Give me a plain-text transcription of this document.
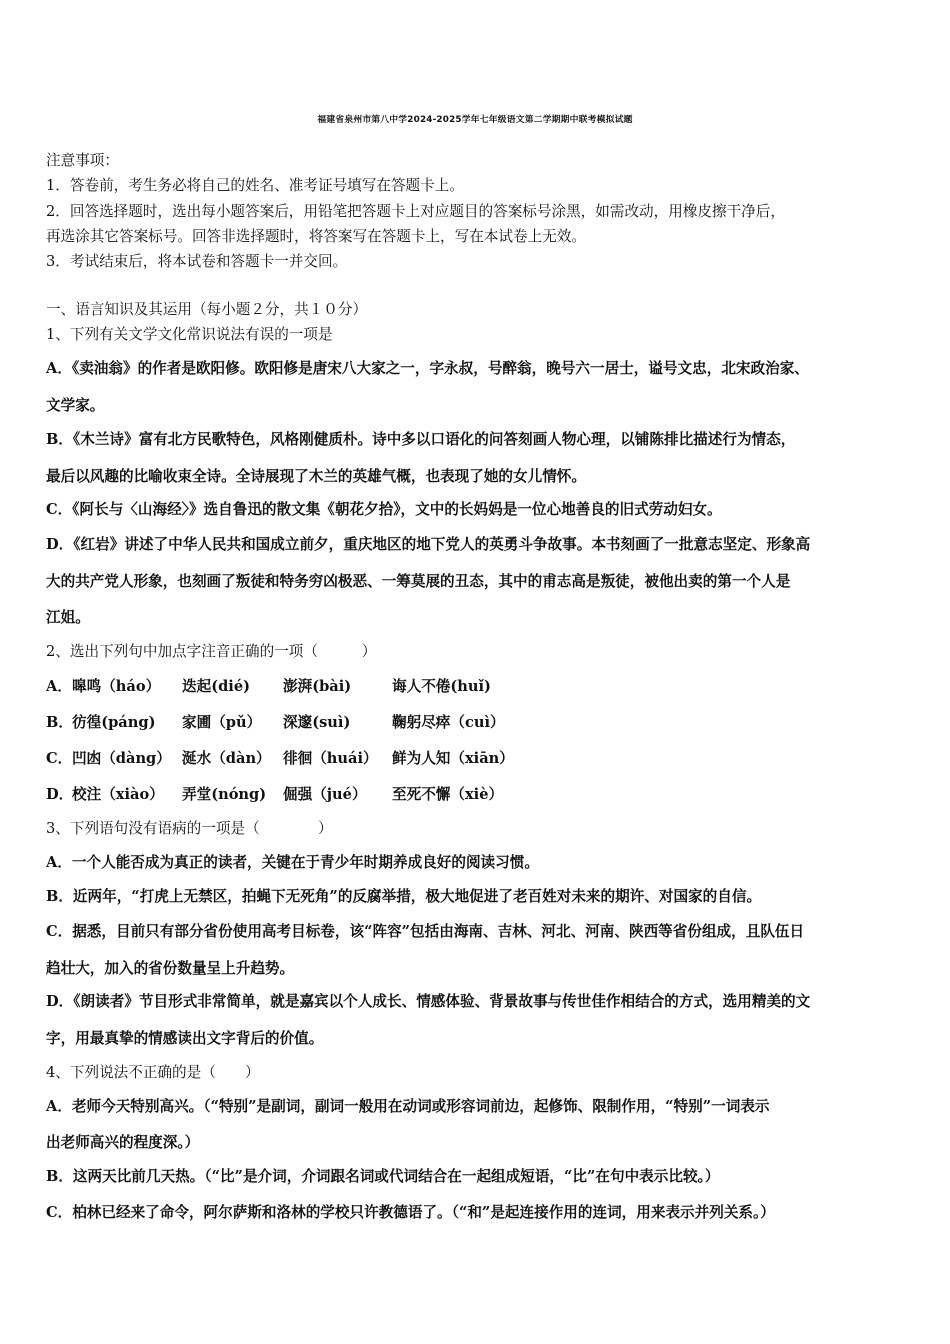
福建省泉州市第八中学2024-2025学年七年级语文第二学期期中联考模拟试题
注意事项：
1．答卷前，考生务必将自己的姓名、准考证号填写在答题卡上。
2．回答选择题时，选出每小题答案后，用铅笔把答题卡上对应题目的答案标号涂黑，如需改动，用橡皮擦干净后，
再选涂其它答案标号。回答非选择题时，将答案写在答题卡上，写在本试卷上无效。
3．考试结束后，将本试卷和答题卡一并交回。
一、语言知识及其运用（每小题２分，共１０分）
1、下列有关文学文化常识说法有误的一项是
A．《卖油翁》的作者是欧阳修。欧阳修是唐宋八大家之一，字永叔，号醉翁，晚号六一居士，谥号文忠，北宋政治家、
文学家。
B．《木兰诗》富有北方民歌特色，风格刚健质朴。诗中多以口语化的问答刻画人物心理，以铺陈排比描述行为情态，
最后以风趣的比喻收束全诗。全诗展现了木兰的英雄气概，也表现了她的女儿情怀。
C．《阿长与〈山海经〉》选自鲁迅的散文集《朝花夕拾》，文中的长妈妈是一位心地善良的旧式劳动妇女。
D．《红岩》讲述了中华人民共和国成立前夕，重庆地区的地下党人的英勇斗争故事。本书刻画了一批意志坚定、形象高
大的共产党人形象，也刻画了叛徒和特务穷凶极恶、一筹莫展的丑态，其中的甫志高是叛徒，被他出卖的第一个人是
江姐。
2、选出下列句中加点字注音正确的一项（　　　）
A．嗥鸣（háo） 迭起(dié) 澎湃(bài)	诲人不倦(huǐ)
B．彷徨(páng) 家圃（pǔ） 深邃(suì)	鞠躬尽瘁（cuì）
C．凹凼（dàng） 涎水（dàn） 徘徊（huái） 鲜为人知（xiān）
D．校注（xiào） 弄堂(nóng) 倔强（jué） 至死不懈（xiè）
3、下列语句没有语病的一项是（　　　　）
A．一个人能否成为真正的读者，关键在于青少年时期养成良好的阅读习惯。
B．近两年，“打虎上无禁区，拍蝇下无死角”的反腐举措，极大地促进了老百姓对未来的期许、对国家的自信。
C．据悉，目前只有部分省份使用高考目标卷，该“阵容”包括由海南、吉林、河北、河南、陕西等省份组成，且队伍日
趋壮大，加入的省份数量呈上升趋势。
D．《朗读者》节目形式非常简单，就是嘉宾以个人成长、情感体验、背景故事与传世佳作相结合的方式，选用精美的文
字，用最真挚的情感读出文字背后的价值。
4、下列说法不正确的是（　　）
A．老师今天特别高兴。（“特别”是副词，副词一般用在动词或形容词前边，起修饰、限制作用，“特别”一词表示
出老师高兴的程度深。）
B．这两天比前几天热。（“比”是介词，介词跟名词或代词结合在一起组成短语，“比”在句中表示比较。）
C．柏林已经来了命令，阿尔萨斯和洛林的学校只许教德语了。（“和”是起连接作用的连词，用来表示并列关系。）
